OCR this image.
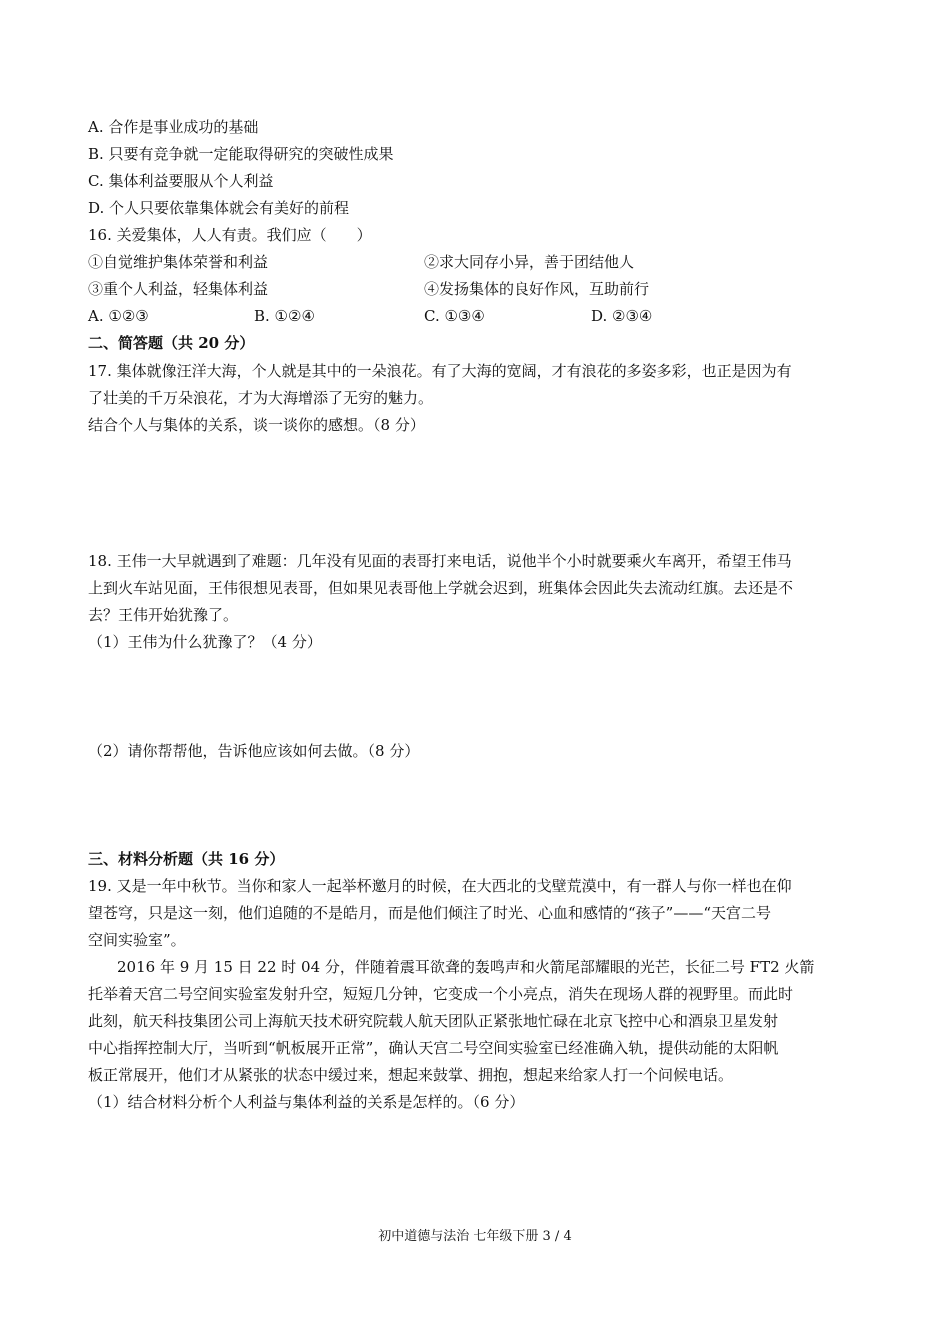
A. 合作是事业成功的基础
B. 只要有竞争就一定能取得研究的突破性成果
C. 集体利益要服从个人利益
D. 个人只要依靠集体就会有美好的前程
16. 关爱集体，人人有责。我们应（　　）
①自觉维护集体荣誉和利益	②求大同存小异，善于团结他人
③重个人利益，轻集体利益	④发扬集体的良好作风，互助前行
A. ①②③	B. ①②④	C. ①③④	D. ②③④
二、简答题（共 20 分）
17. 集体就像汪洋大海，个人就是其中的一朵浪花。有了大海的宽阔，才有浪花的多姿多彩，也正是因为有
了壮美的千万朵浪花，才为大海增添了无穷的魅力。
结合个人与集体的关系，谈一谈你的感想。（8 分）
18. 王伟一大早就遇到了难题：几年没有见面的表哥打来电话，说他半个小时就要乘火车离开，希望王伟马
上到火车站见面，王伟很想见表哥，但如果见表哥他上学就会迟到，班集体会因此失去流动红旗。去还是不
去？王伟开始犹豫了。
（1）王伟为什么犹豫了？（4 分）
（2）请你帮帮他，告诉他应该如何去做。（8 分）
三、材料分析题（共 16 分）
19. 又是一年中秋节。当你和家人一起举杯邀月的时候，在大西北的戈壁荒漠中，有一群人与你一样也在仰
望苍穹，只是这一刻，他们追随的不是皓月，而是他们倾注了时光、心血和感情的“孩子”——“天宫二号
空间实验室”。
2016 年 9 月 15 日 22 时 04 分，伴随着震耳欲聋的轰鸣声和火箭尾部耀眼的光芒，长征二号 FT2 火箭
托举着天宫二号空间实验室发射升空，短短几分钟，它变成一个小亮点，消失在现场人群的视野里。而此时
此刻，航天科技集团公司上海航天技术研究院载人航天团队正紧张地忙碌在北京飞控中心和酒泉卫星发射
中心指挥控制大厅，当听到“帆板展开正常”，确认天宫二号空间实验室已经准确入轨，提供动能的太阳帆
板正常展开，他们才从紧张的状态中缓过来，想起来鼓掌、拥抱，想起来给家人打一个问候电话。
（1）结合材料分析个人利益与集体利益的关系是怎样的。（6 分）
初中道德与法治 七年级下册 3 / 4
